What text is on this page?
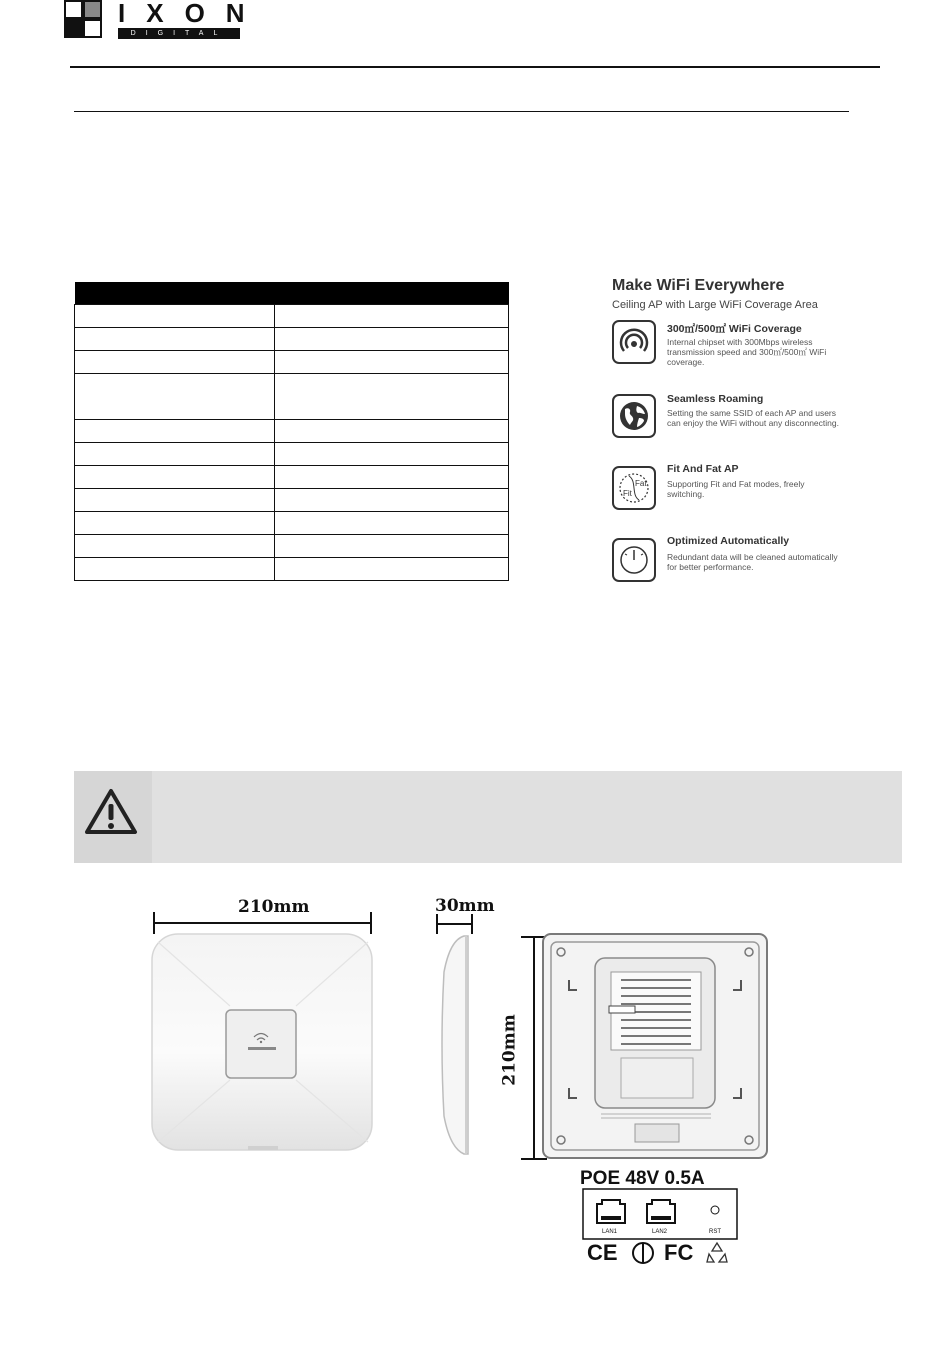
IXON
DIGITAL

Make WiFi Everywhere
Ceiling AP with Large WiFi Coverage Area
300㎡/500㎡ WiFi Coverage
Internal chipset with 300Mbps wireless transmission speed and 300㎡/500㎡ WiFi coverage.
Seamless Roaming
Setting the same SSID of each AP and users can enjoy the WiFi without any disconnecting.
Fat
Fit
Fit And Fat AP
Supporting Fit and Fat modes, freely switching.
Optimized Automatically
Redundant data will be cleaned automatically for better performance.
210mm	30mm
210mm
POE 48V 0.5A
LAN1	LAN2	RST
CE FC
